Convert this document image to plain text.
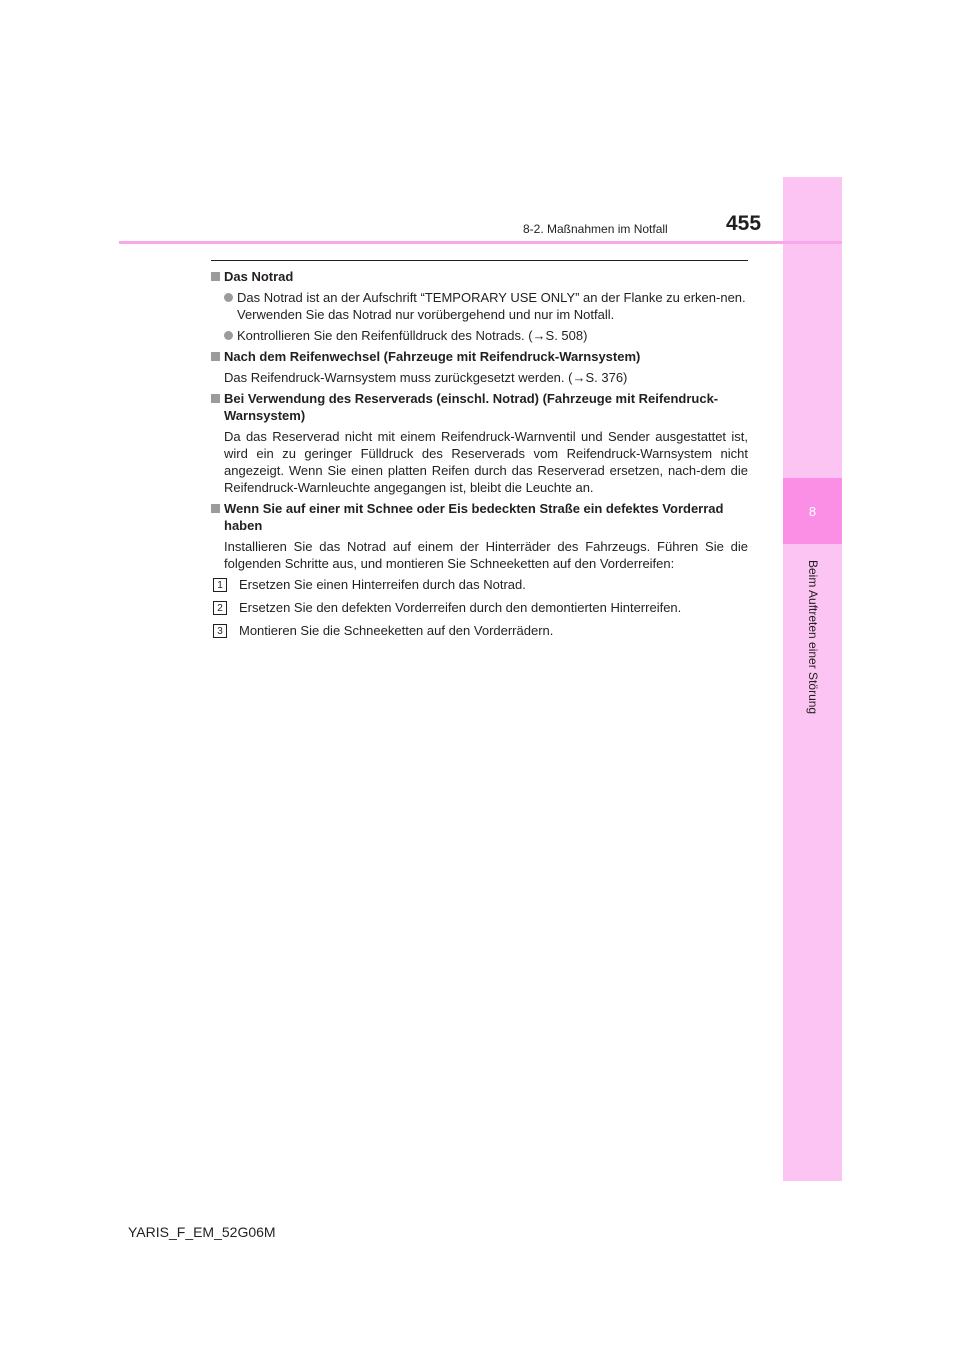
8
Beim Auftreten einer Störung
8-2. Maßnahmen im Notfall	455
Das Notrad
Das Notrad ist an der Aufschrift “TEMPORARY USE ONLY” an der Flanke zu erken-nen.
Verwenden Sie das Notrad nur vorübergehend und nur im Notfall.
Kontrollieren Sie den Reifenfülldruck des Notrads. (→S. 508)
Nach dem Reifenwechsel (Fahrzeuge mit Reifendruck-Warnsystem)
Das Reifendruck-Warnsystem muss zurückgesetzt werden. (→S. 376)
Bei Verwendung des Reserverads (einschl. Notrad) (Fahrzeuge mit Reifendruck-Warnsystem)
Da das Reserverad nicht mit einem Reifendruck-Warnventil und Sender ausgestattet ist, wird ein zu geringer Fülldruck des Reserverads vom Reifendruck-Warnsystem nicht angezeigt. Wenn Sie einen platten Reifen durch das Reserverad ersetzen, nach-dem die Reifendruck-Warnleuchte angegangen ist, bleibt die Leuchte an.
Wenn Sie auf einer mit Schnee oder Eis bedeckten Straße ein defektes Vorderrad haben
Installieren Sie das Notrad auf einem der Hinterräder des Fahrzeugs. Führen Sie die folgenden Schritte aus, und montieren Sie Schneeketten auf den Vorderreifen:
1	Ersetzen Sie einen Hinterreifen durch das Notrad.
2	Ersetzen Sie den defekten Vorderreifen durch den demontierten Hinterreifen.
3	Montieren Sie die Schneeketten auf den Vorderrädern.
YARIS_F_EM_52G06M
